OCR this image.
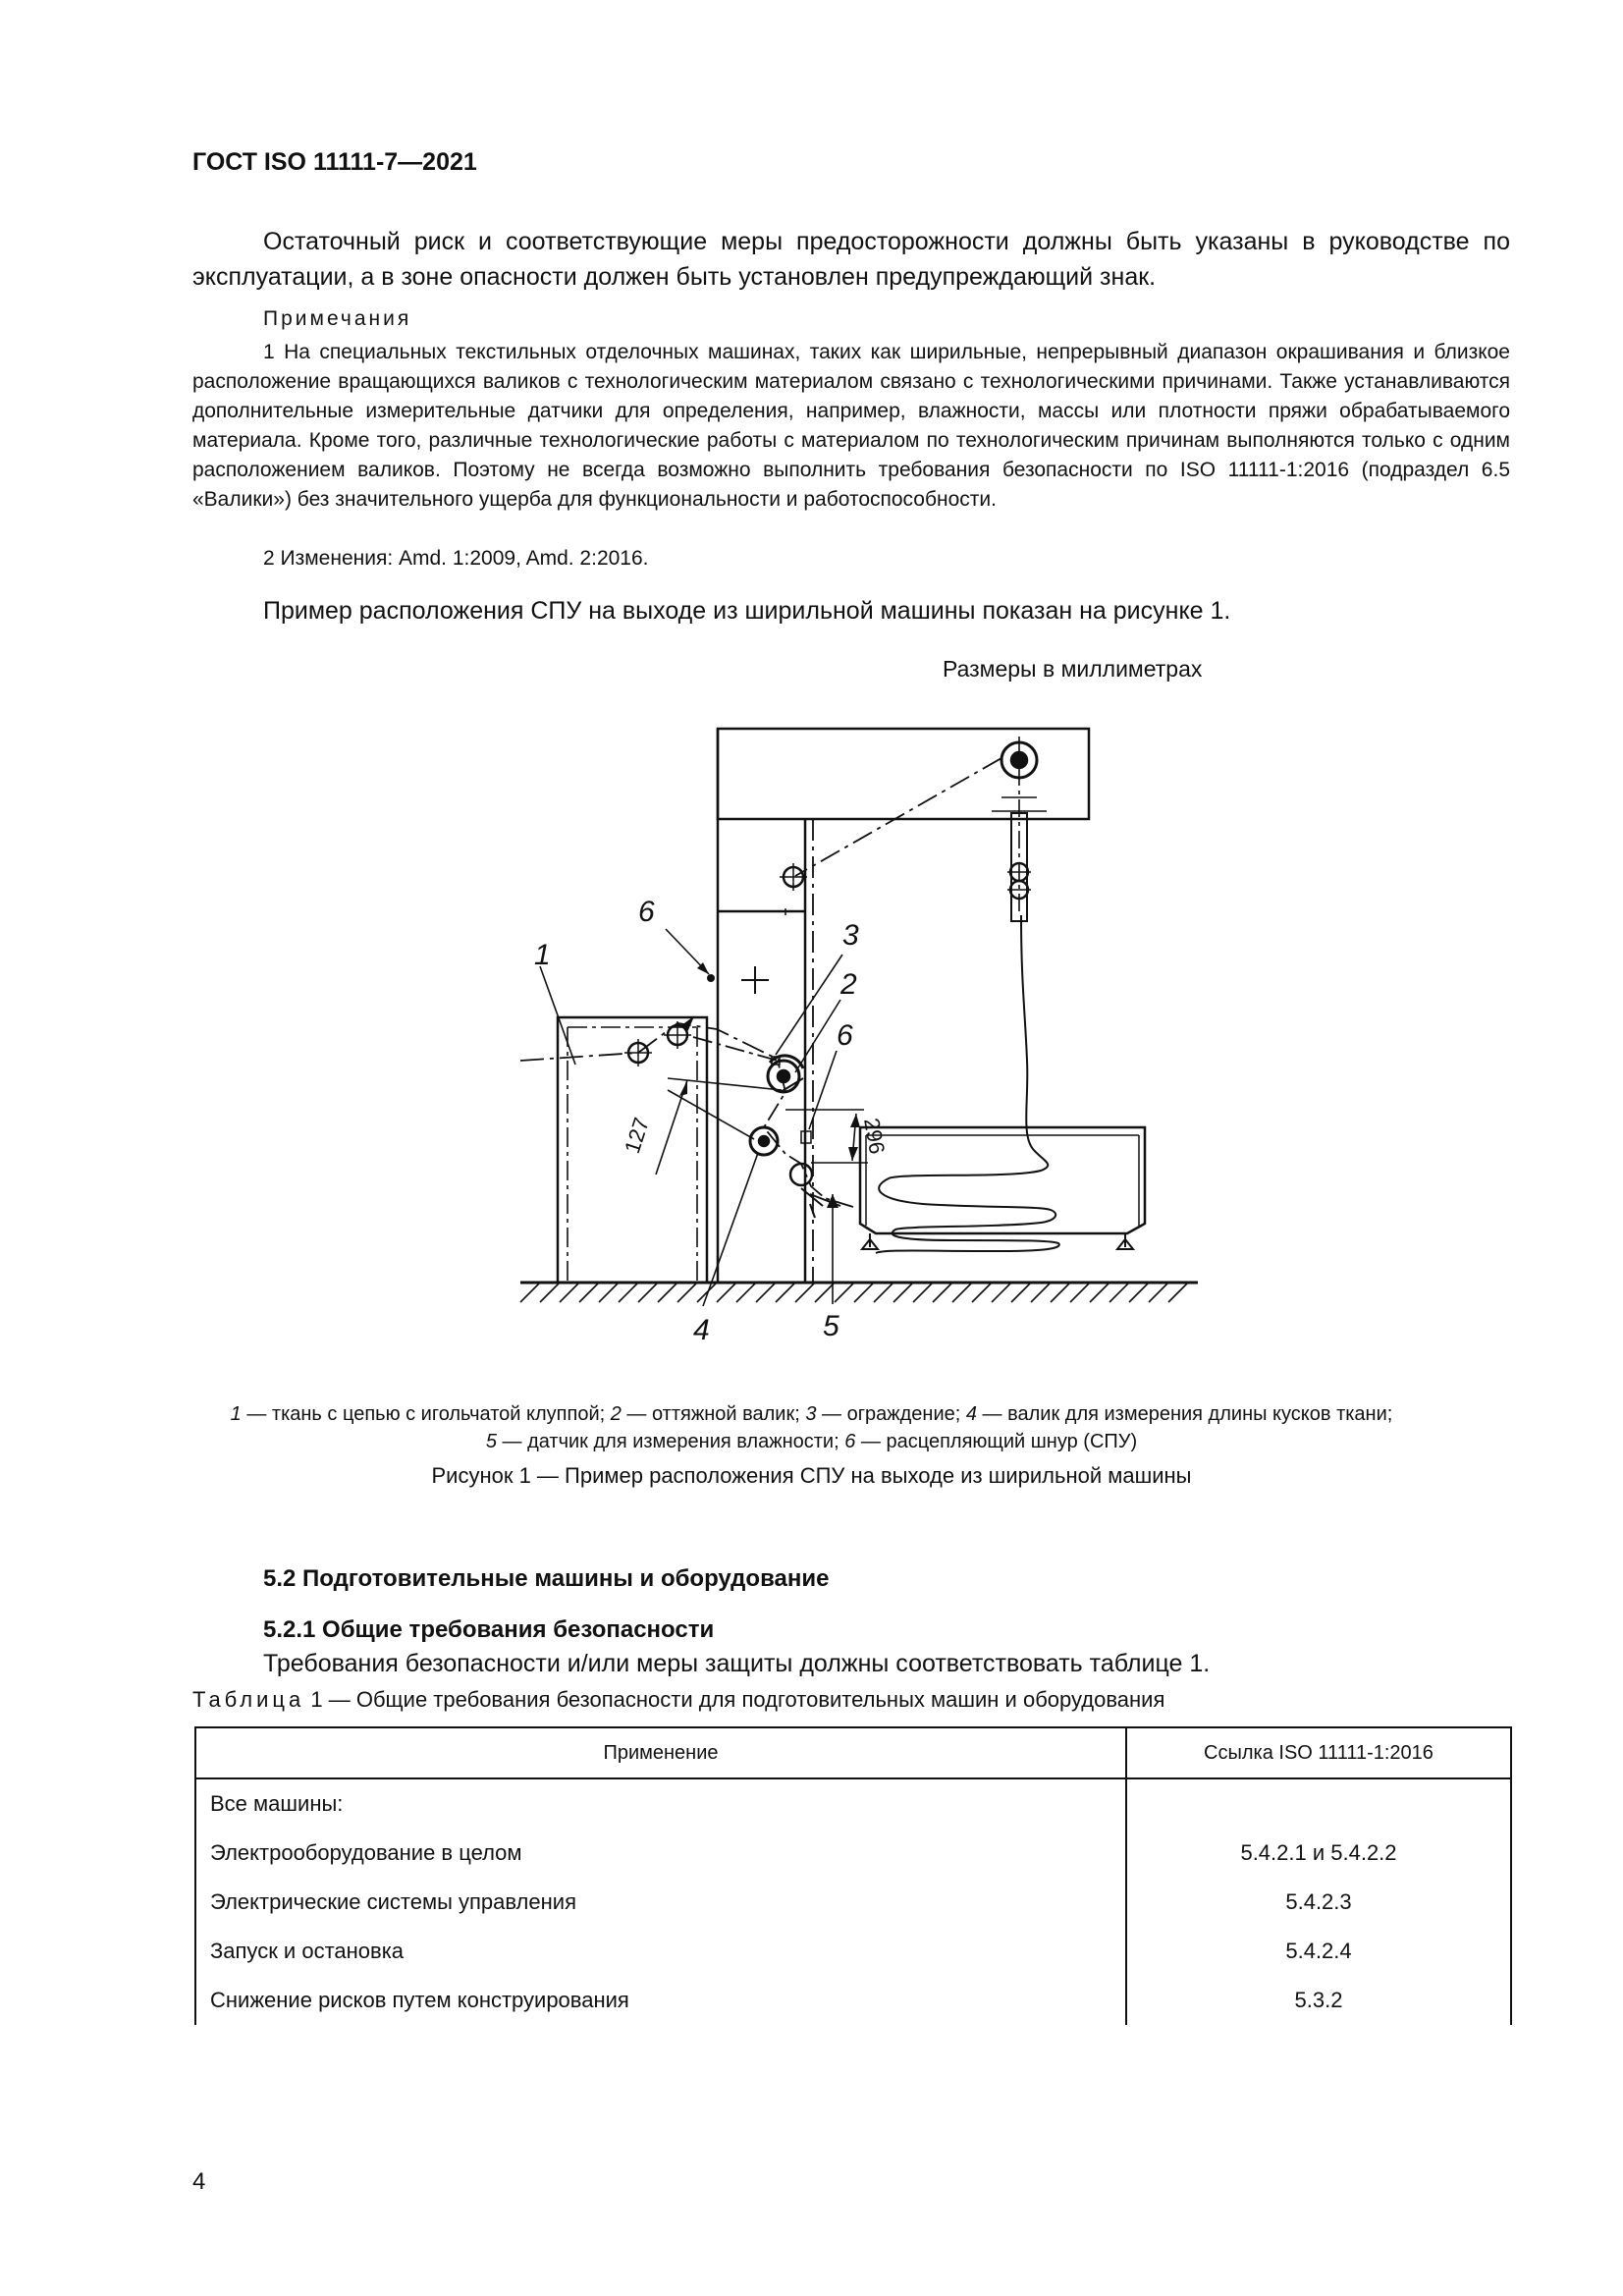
ГОСТ ISO 11111-7—2021
Остаточный риск и соответствующие меры предосторожности должны быть указаны в руководстве по эксплуатации, а в зоне опасности должен быть установлен предупреждающий знак.
Примечания
1 На специальных текстильных отделочных машинах, таких как ширильные, непрерывный диапазон окрашивания и близкое расположение вращающихся валиков с технологическим материалом связано с технологическими причинами. Также устанавливаются дополнительные измерительные датчики для определения, например, влажности, массы или плотности пряжи обрабатываемого материала. Кроме того, различные технологические работы с материалом по технологическим причинам выполняются только с одним расположением валиков. Поэтому не всегда возможно выполнить требования безопасности по ISO 11111-1:2016 (подраздел 6.5 «Валики») без значительного ущерба для функциональности и работоспособности.
2 Изменения: Amd. 1:2009, Amd. 2:2016.
Пример расположения СПУ на выходе из ширильной машины показан на рисунке 1.
Размеры в миллиметрах
127	296
1
6
3
2
6
4	5
1 — ткань с цепью с игольчатой клуппой; 2 — оттяжной валик; 3 — ограждение; 4 — валик для измерения длины кусков ткани;
5 — датчик для измерения влажности; 6 — расцепляющий шнур (СПУ)
Рисунок 1 — Пример расположения СПУ на выходе из ширильной машины
5.2 Подготовительные машины и оборудование
5.2.1 Общие требования безопасности
Требования безопасности и/или меры защиты должны соответствовать таблице 1.
Таблица 1 — Общие требования безопасности для подготовительных машин и оборудования
Применение	Ссылка ISO 11111-1:2016
Все машины:	
Электрооборудование в целом	5.4.2.1 и 5.4.2.2
Электрические системы управления	5.4.2.3
Запуск и остановка	5.4.2.4
Снижение рисков путем конструирования	5.3.2
4
